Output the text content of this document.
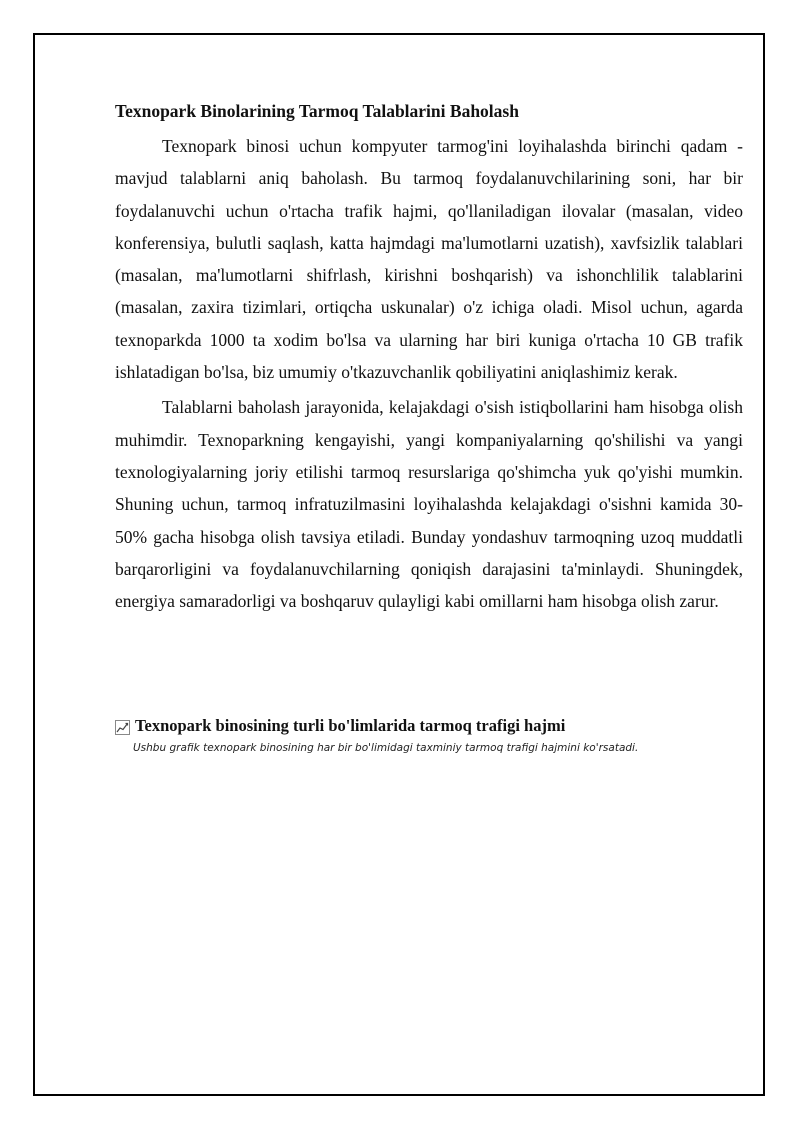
Texnopark Binolarining Tarmoq Talablarini Baholash

Texnopark binosi uchun kompyuter tarmog'ini loyihalashda birinchi qadam - mavjud talablarni aniq baholash. Bu tarmoq foydalanuvchilarining soni, har bir foydalanuvchi uchun o'rtacha trafik hajmi, qo'llaniladigan ilovalar (masalan, video konferensiya, bulutli saqlash, katta hajmdagi ma'lumotlarni uzatish), xavfsizlik talablari (masalan, ma'lumotlarni shifrlash, kirishni boshqarish) va ishonchlilik talablarini (masalan, zaxira tizimlari, ortiqcha uskunalar) o'z ichiga oladi. Misol uchun, agarda texnoparkda 1000 ta xodim bo'lsa va ularning har biri kuniga o'rtacha 10 GB trafik ishlatadigan bo'lsa, biz umumiy o'tkazuvchanlik qobiliyatini aniqlashimiz kerak.

Talablarni baholash jarayonida, kelajakdagi o'sish istiqbollarini ham hisobga olish muhimdir. Texnoparkning kengayishi, yangi kompaniyalarning qo'shilishi va yangi texnologiyalarning joriy etilishi tarmoq resurslariga qo'shimcha yuk qo'yishi mumkin. Shuning uchun, tarmoq infratuzilmasini loyihalashda kelajakdagi o'sishni kamida 30-50% gacha hisobga olish tavsiya etiladi. Bunday yondashuv tarmoqning uzoq muddatli barqarorligini va foydalanuvchilarning qoniqish darajasini ta'minlaydi. Shuningdek, energiya samaradorligi va boshqaruv qulayligi kabi omillarni ham hisobga olish zarur.

Texnopark binosining turli bo'limlarida tarmoq trafigi hajmi
Ushbu grafik texnopark binosining har bir bo'limidagi taxminiy tarmoq trafigi hajmini ko'rsatadi.
